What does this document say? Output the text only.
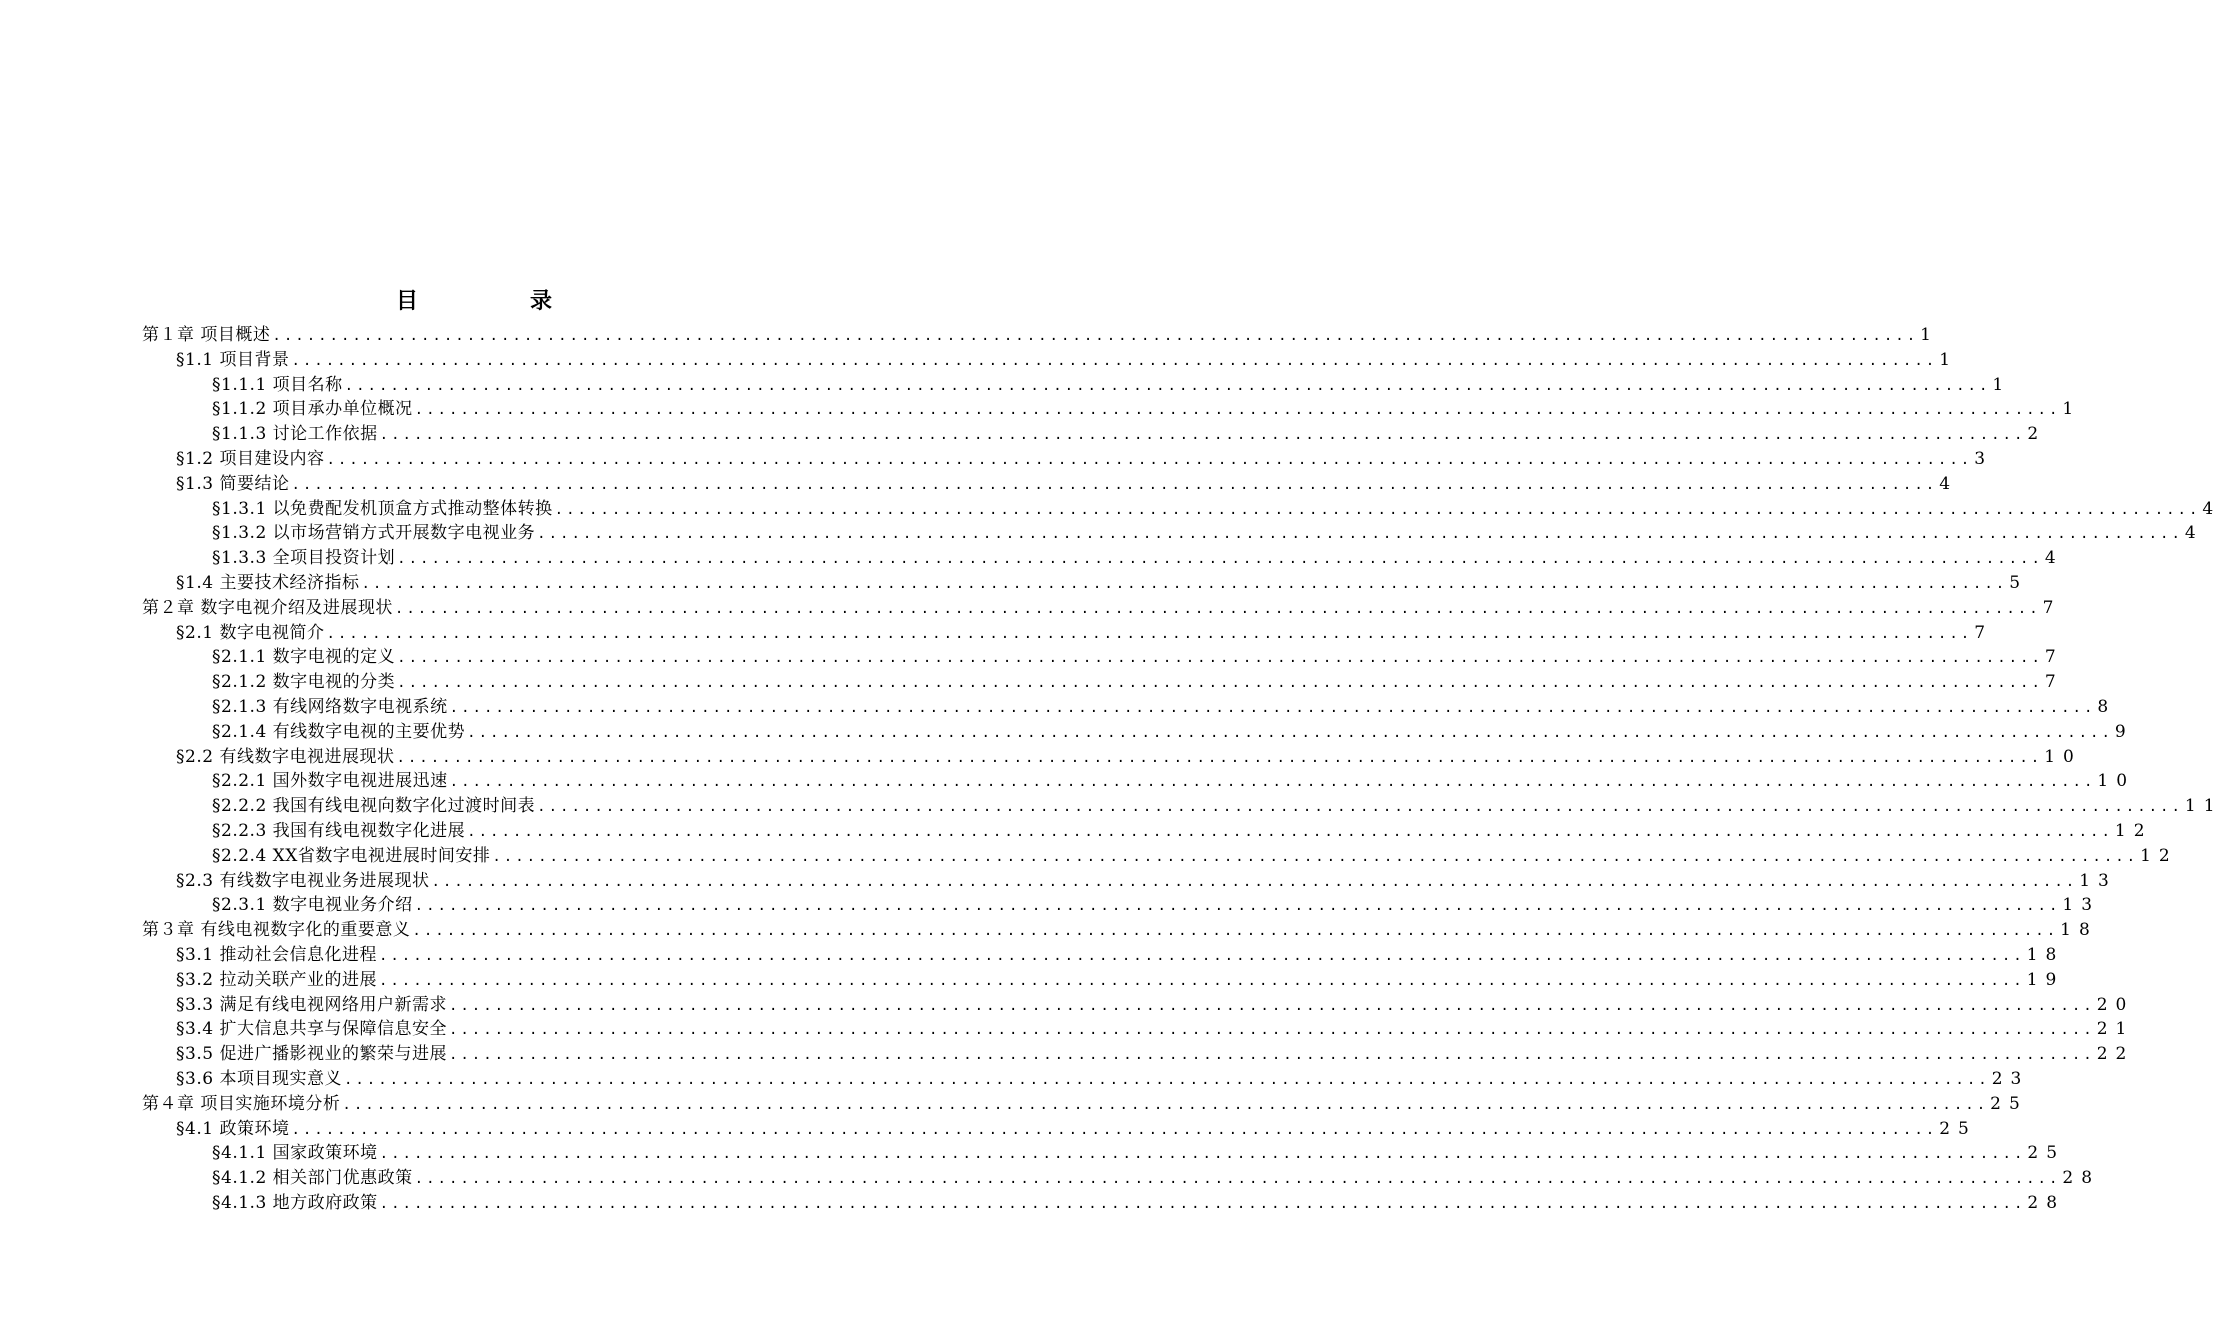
目	录
第１章 项目概述 .....	1
§1.1 项目背景 .....	1
§1.1.1 项目名称 .....	1
§1.1.2 项目承办单位概况 .....	1
§1.1.3 讨论工作依据 .....	2
§1.2 项目建设内容 .....	3
§1.3 简要结论 .....	4
§1.3.1 以免费配发机顶盒方式推动整体转换 .....	4
§1.3.2 以市场营销方式开展数字电视业务 .....	4
§1.3.3 全项目投资计划 .....	4
§1.4 主要技术经济指标 .....	5
第２章 数字电视介绍及进展现状 .....	7
§2.1 数字电视简介 .....	7
§2.1.1 数字电视的定义 .....	7
§2.1.2 数字电视的分类 .....	7
§2.1.3 有线网络数字电视系统 .....	8
§2.1.4 有线数字电视的主要优势 .....	9
§2.2 有线数字电视进展现状 .....	10
§2.2.1 国外数字电视进展迅速 .....	10
§2.2.2 我国有线电视向数字化过渡时间表 .....	11
§2.2.3 我国有线电视数字化进展 .....	12
§2.2.4 XX省数字电视进展时间安排 .....	12
§2.3 有线数字电视业务进展现状 .....	13
§2.3.1 数字电视业务介绍 .....	13
第３章 有线电视数字化的重要意义 .....	18
§3.1 推动社会信息化进程 .....	18
§3.2 拉动关联产业的进展 .....	19
§3.3 满足有线电视网络用户新需求 .....	20
§3.4 扩大信息共享与保障信息安全 .....	21
§3.5 促进广播影视业的繁荣与进展 .....	22
§3.6 本项目现实意义 .....	23
第４章 项目实施环境分析 .....	25
§4.1 政策环境 .....	25
§4.1.1 国家政策环境 .....	25
§4.1.2 相关部门优惠政策 .....	28
§4.1.3 地方政府政策 .....	28
